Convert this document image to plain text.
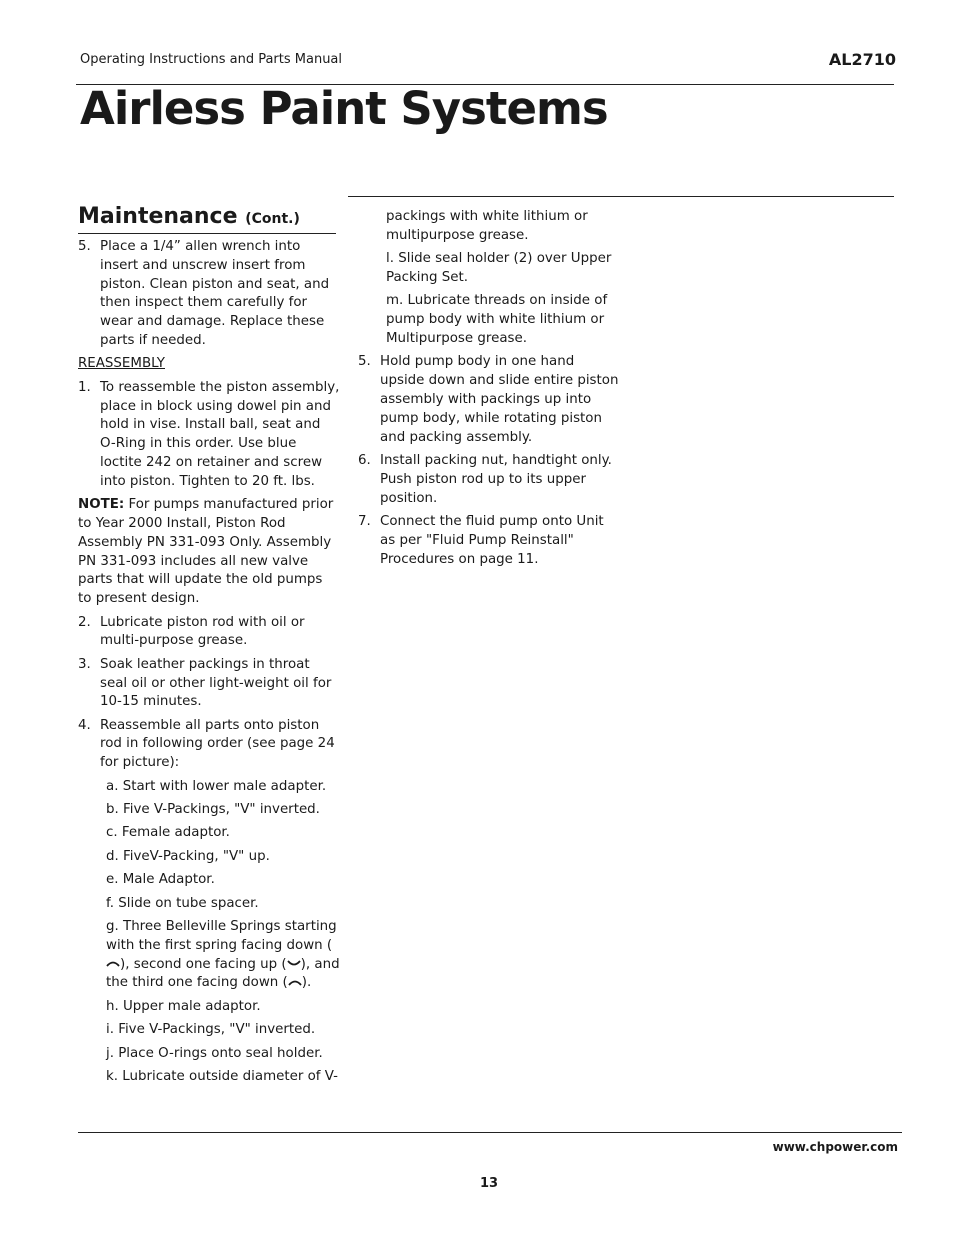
Operating Instructions and Parts Manual	AL2710
Airless Paint Systems
Maintenance (Cont.)
5. Place a 1/4” allen wrench into insert and unscrew insert from piston. Clean piston and seat, and then inspect them carefully for wear and damage. Replace these parts if needed.
REASSEMBLY
1. To reassemble the piston assembly, place in block using dowel pin and hold in vise. Install ball, seat and O-Ring in this order. Use blue loctite 242 on retainer and screw into piston. Tighten to 20 ft. lbs.
NOTE: For pumps manufactured prior to Year 2000 Install, Piston Rod Assembly PN 331-093 Only. Assembly PN 331-093 includes all new valve parts that will update the old pumps to present design.
2. Lubricate piston rod with oil or multi-purpose grease.
3. Soak leather packings in throat seal oil or other light-weight oil for 10-15 minutes.
4. Reassemble all parts onto piston rod in following order (see page 24 for picture):
a. Start with lower male adapter.
b. Five V-Packings, "V" inverted.
c. Female adaptor.
d. FiveV-Packing, "V" up.
e. Male Adaptor.
f. Slide on tube spacer.
g. Three Belleville Springs starting with the first spring facing down (), second one facing up ( ), and the third one facing down ( ).
h. Upper male adaptor.
i. Five V-Packings, "V" inverted.
j. Place O-rings onto seal holder.
k. Lubricate outside diameter of V-
packings with white lithium or multipurpose grease.
l. Slide seal holder (2) over Upper Packing Set.
m. Lubricate threads on inside of pump body with white lithium or Multipurpose grease.
5. Hold pump body in one hand upside down and slide entire piston assembly with packings up into pump body, while rotating piston and packing assembly.
6. Install packing nut, handtight only. Push piston rod up to its upper position.
7. Connect the fluid pump onto Unit as per "Fluid Pump Reinstall" Procedures on page 11.
www.chpower.com
13
